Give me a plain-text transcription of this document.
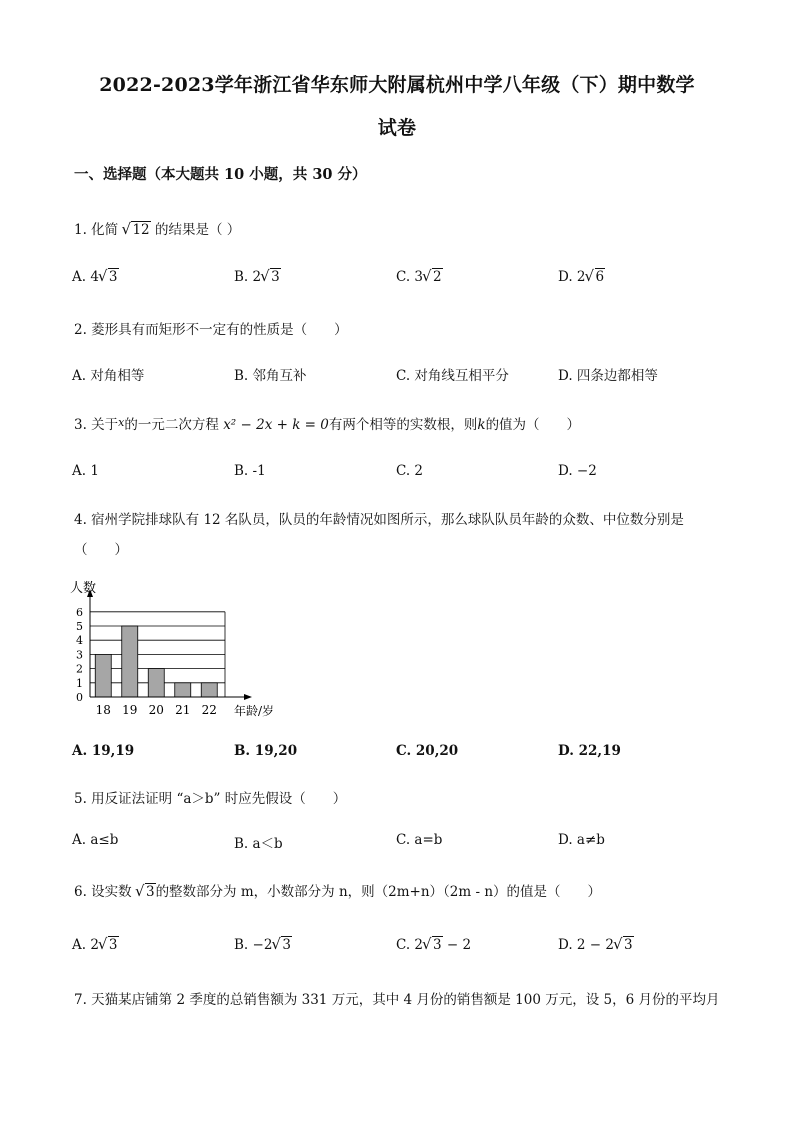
2022-2023学年浙江省华东师大附属杭州中学八年级（下）期中数学
试卷
一、选择题（本大题共 10 小题，共 30 分）
1. 化简 √ 12 的结果是（ ）
A. 4 √ 3	B. 2 √ 3	C. 3 √ 2	D. 2 √ 6
2. 菱形具有而矩形不一定有的性质是（　　）
A. 对角相等	B. 邻角互补	C. 对角线互相平分	D. 四条边都相等
3. 关于$^x$的一元二次方程 x² − 2x + k = 0有两个相等的实数根，则k的值为（　　）
A. 1	B. -1	C. 2	D. −2
4. 宿州学院排球队有 12 名队员，队员的年龄情况如图所示，那么球队队员年龄的众数、中位数分别是
（　　）
0
1
2
3
4
5
6
18 19 20 21 22
人数
年龄/岁
A. 19,19	B. 19,20	C. 20,20	D. 22,19
5. 用反证法证明 “a＞b” 时应先假设（　　）
A. a≤b	B. a＜b	C. a=b	D. a≠b
6. 设实数 √ 3的整数部分为 m，小数部分为 n，则（2m+n）（2m - n）的值是（　　）
A. 2 √ 3	B. −2 √ 3	C. 2 √ 3 − 2	D. 2 − 2 √ 3
7. 天猫某店铺第 2 季度的总销售额为 331 万元，其中 4 月份的销售额是 100 万元，设 5，6 月份的平均月
